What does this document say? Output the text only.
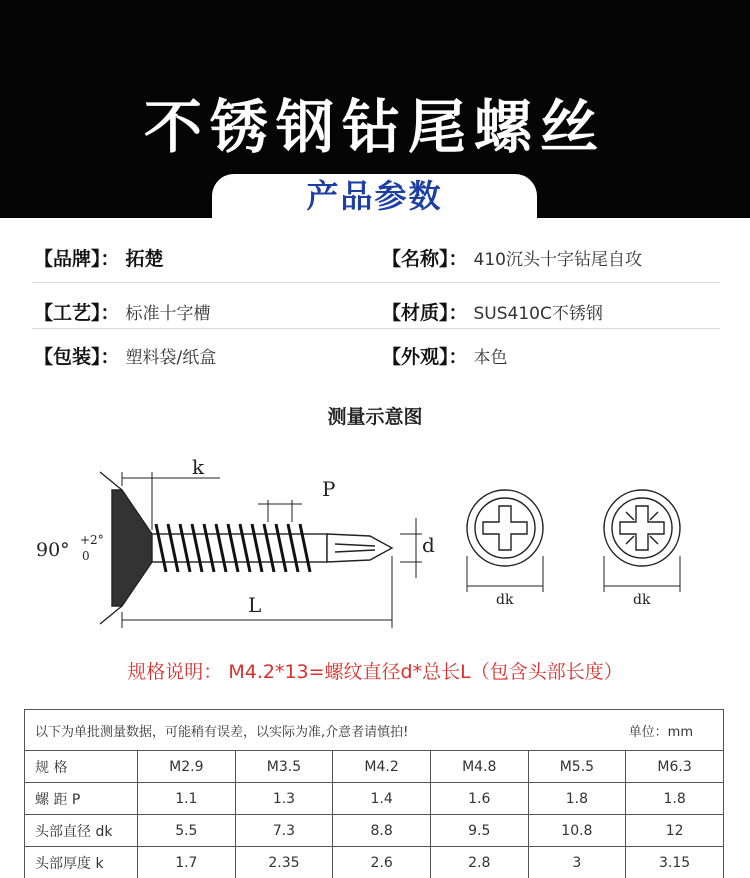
不锈钢钻尾螺丝
产品参数
【品牌】： 拓楚	【名称】： 410沉头十字钻尾自攻
【工艺】： 标准十字槽	【材质】： SUS410C不锈钢
【包装】： 塑料袋/纸盒	【外观】： 本色
测量示意图
k
P
d
L
90° +2°
0
dk	dk
规格说明： M4.2*13=螺纹直径d*总长L（包含头部长度）
以下为单批测量数据，可能稍有误差，以实际为准,介意者请慎拍! 单位：mm						

规 格	M2.9	M3.5	M4.2	M4.8	M5.5	M6.3
螺 距 P	1.1	1.3	1.4	1.6	1.8	1.8
头部直径 dk	5.5	7.3	8.8	9.5	10.8	12
头部厚度 k	1.7	2.35	2.6	2.8	3	3.15
